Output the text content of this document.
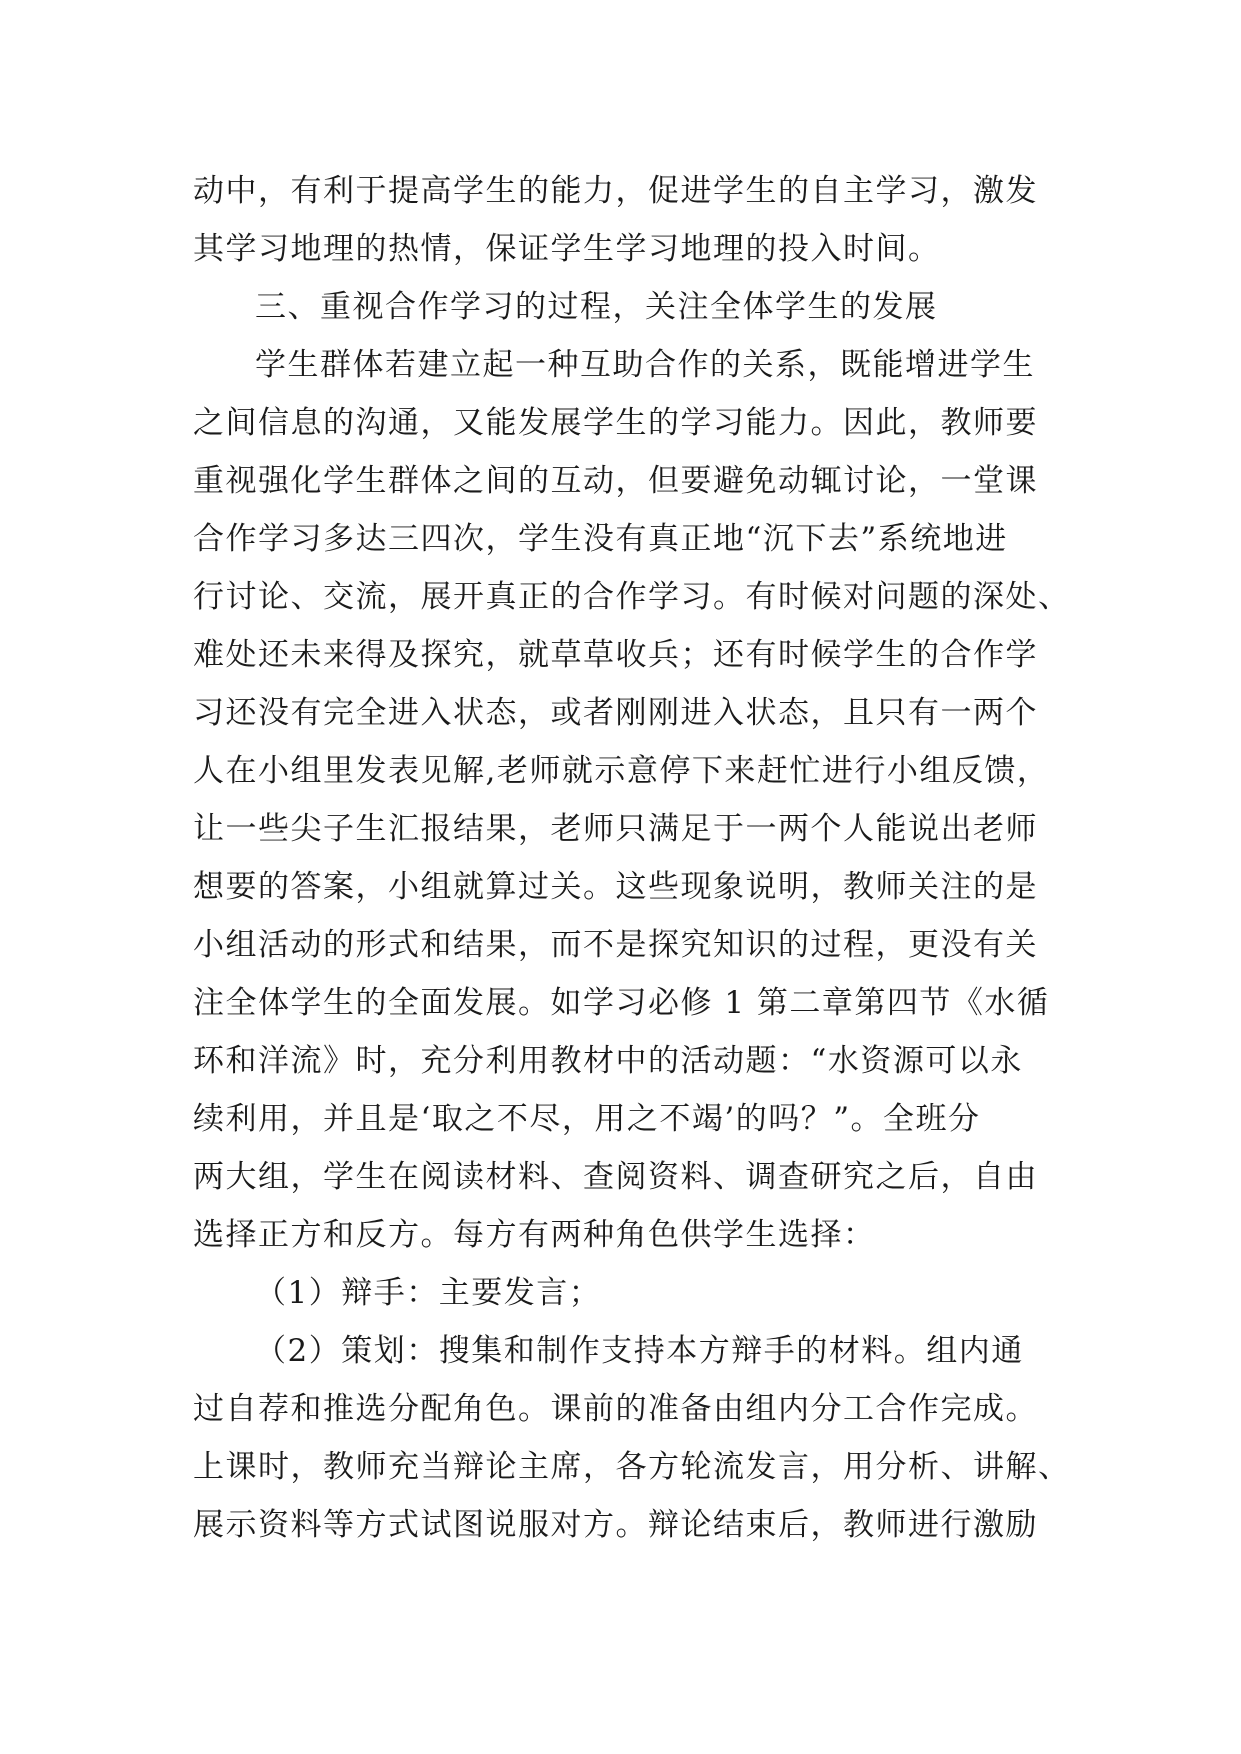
动中，有利于提高学生的能力，促进学生的自主学习，激发
其学习地理的热情，保证学生学习地理的投入时间。
三、重视合作学习的过程，关注全体学生的发展
学生群体若建立起一种互助合作的关系，既能增进学生
之间信息的沟通，又能发展学生的学习能力。因此，教师要
重视强化学生群体之间的互动，但要避免动辄讨论，一堂课
合作学习多达三四次，学生没有真正地“沉下去”系统地进
行讨论、交流，展开真正的合作学习。有时候对问题的深处、
难处还未来得及探究，就草草收兵；还有时候学生的合作学
习还没有完全进入状态，或者刚刚进入状态，且只有一两个
人在小组里发表见解,老师就示意停下来赶忙进行小组反馈，
让一些尖子生汇报结果，老师只满足于一两个人能说出老师
想要的答案，小组就算过关。这些现象说明，教师关注的是
小组活动的形式和结果，而不是探究知识的过程，更没有关
注全体学生的全面发展。如学习必修 1 第二章第四节《水循
环和洋流》时，充分利用教材中的活动题：“水资源可以永
续利用，并且是‘取之不尽，用之不竭’的吗？”。全班分
两大组，学生在阅读材料、查阅资料、调查研究之后，自由
选择正方和反方。每方有两种角色供学生选择：
（1）辩手：主要发言；
（2）策划：搜集和制作支持本方辩手的材料。组内通
过自荐和推选分配角色。课前的准备由组内分工合作完成。
上课时，教师充当辩论主席，各方轮流发言，用分析、讲解、
展示资料等方式试图说服对方。辩论结束后，教师进行激励
